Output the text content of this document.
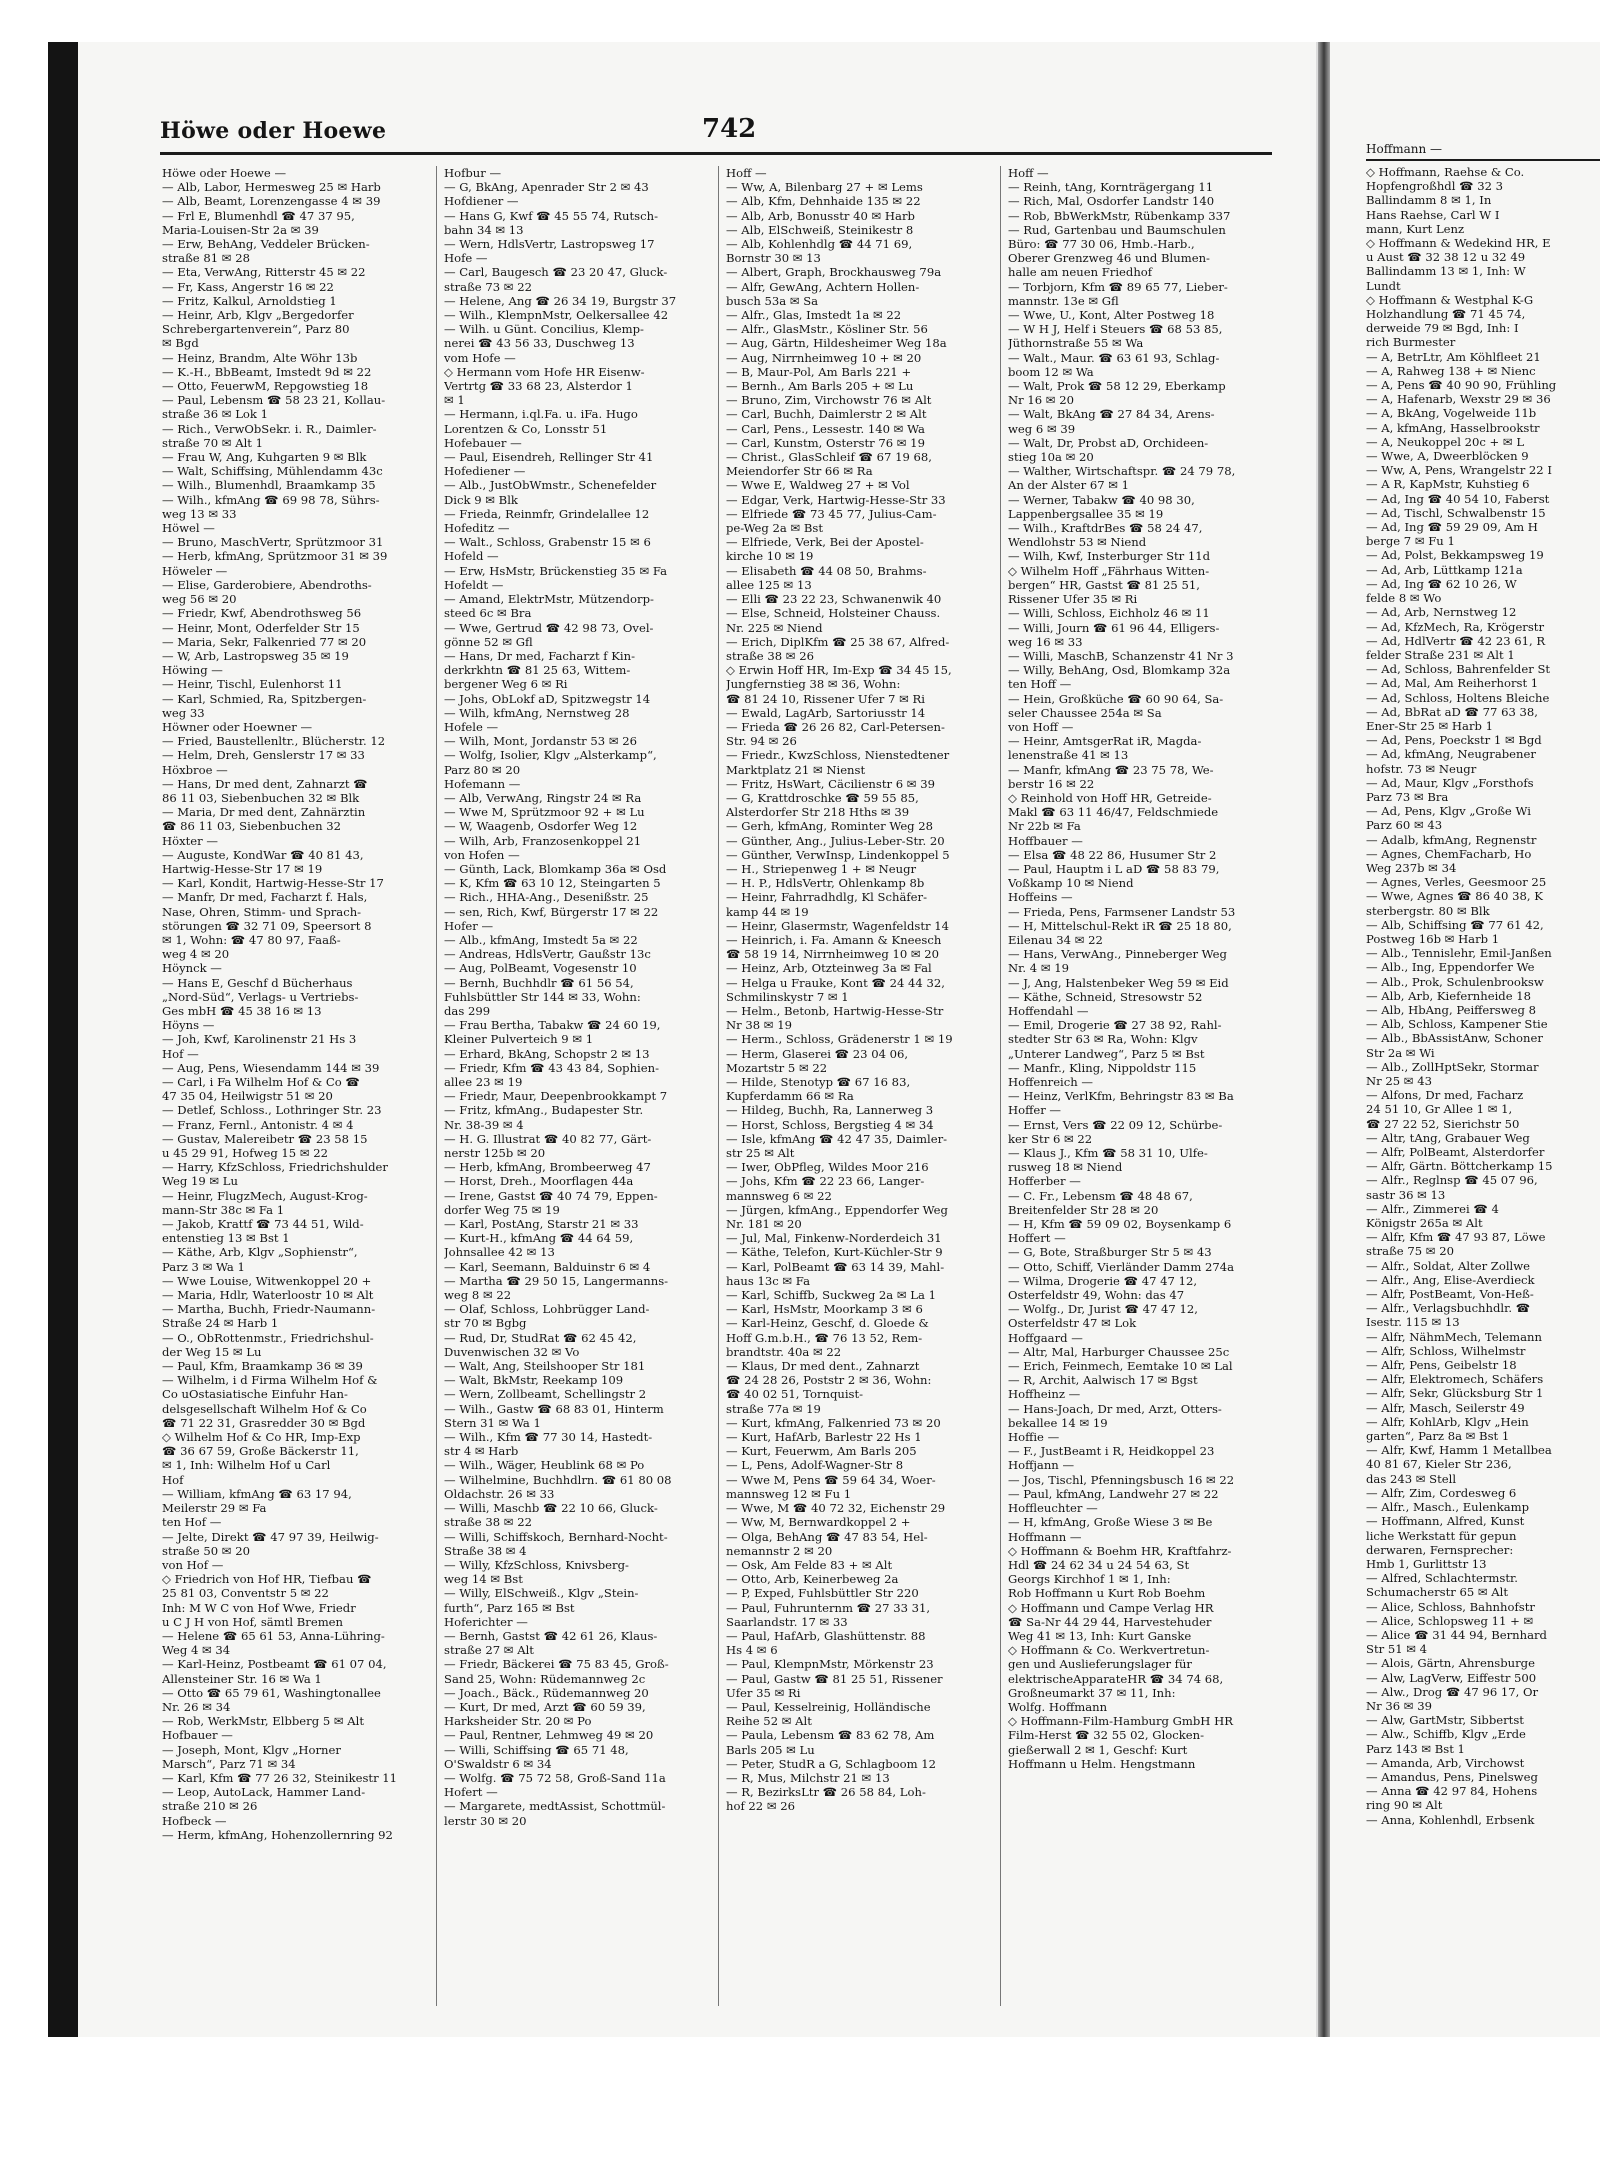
Höwe oder Hoewe	742
Höwe oder Hoewe —
— Alb, Labor, Hermesweg 25 ✉ Harb
— Alb, Beamt, Lorenzengasse 4 ✉ 39
— Frl E, Blumenhdl ☎ 47 37 95,
Maria-Louisen-Str 2a ✉ 39
— Erw, BehAng, Veddeler Brücken-
straße 81 ✉ 28
— Eta, VerwAng, Ritterstr 45 ✉ 22
— Fr, Kass, Angerstr 16 ✉ 22
— Fritz, Kalkul, Arnoldstieg 1
— Heinr, Arb, Klgv „Bergedorfer
Schrebergartenverein“, Parz 80
✉ Bgd
— Heinz, Brandm, Alte Wöhr 13b
— K.-H., BbBeamt, Imstedt 9d ✉ 22
— Otto, FeuerwM, Repgowstieg 18
— Paul, Lebensm ☎ 58 23 21, Kollau-
straße 36 ✉ Lok 1
— Rich., VerwObSekr. i. R., Daimler-
straße 70 ✉ Alt 1
— Frau W, Ang, Kuhgarten 9 ✉ Blk
— Walt, Schiffsing, Mühlendamm 43c
— Wilh., Blumenhdl, Braamkamp 35
— Wilh., kfmAng ☎ 69 98 78, Sührs-
weg 13 ✉ 33
Höwel —
— Bruno, MaschVertr, Sprützmoor 31
— Herb, kfmAng, Sprützmoor 31 ✉ 39
Höweler —
— Elise, Garderobiere, Abendroths-
weg 56 ✉ 20
— Friedr, Kwf, Abendrothsweg 56
— Heinr, Mont, Oderfelder Str 15
— Maria, Sekr, Falkenried 77 ✉ 20
— W, Arb, Lastropsweg 35 ✉ 19
Höwing —
— Heinr, Tischl, Eulenhorst 11
— Karl, Schmied, Ra, Spitzbergen-
weg 33
Höwner oder Hoewner —
— Fried, Baustellenltr., Blücherstr. 12
— Helm, Dreh, Genslerstr 17 ✉ 33
Höxbroe —
— Hans, Dr med dent, Zahnarzt ☎
86 11 03, Siebenbuchen 32 ✉ Blk
— Maria, Dr med dent, Zahnärztin
☎ 86 11 03, Siebenbuchen 32
Höxter —
— Auguste, KondWar ☎ 40 81 43,
Hartwig-Hesse-Str 17 ✉ 19
— Karl, Kondit, Hartwig-Hesse-Str 17
— Manfr, Dr med, Facharzt f. Hals,
Nase, Ohren, Stimm- und Sprach-
störungen ☎ 32 71 09, Speersort 8
✉ 1, Wohn: ☎ 47 80 97, Faaß-
weg 4 ✉ 20
Höynck —
— Hans E, Geschf d Bücherhaus
„Nord-Süd“, Verlags- u Vertriebs-
Ges mbH ☎ 45 38 16 ✉ 13
Höyns —
— Joh, Kwf, Karolinenstr 21 Hs 3
Hof —
— Aug, Pens, Wiesendamm 144 ✉ 39
— Carl, i Fa Wilhelm Hof & Co ☎
47 35 04, Heilwigstr 51 ✉ 20
— Detlef, Schloss., Lothringer Str. 23
— Franz, Fernl., Antonistr. 4 ✉ 4
— Gustav, Malereibetr ☎ 23 58 15
u 45 29 91, Hofweg 15 ✉ 22
— Harry, KfzSchloss, Friedrichshulder
Weg 19 ✉ Lu
— Heinr, FlugzMech, August-Krog-
mann-Str 38c ✉ Fa 1
— Jakob, Krattf ☎ 73 44 51, Wild-
entenstieg 13 ✉ Bst 1
— Käthe, Arb, Klgv „Sophienstr“,
Parz 3 ✉ Wa 1
— Wwe Louise, Witwenkoppel 20 +
— Maria, Hdlr, Waterloostr 10 ✉ Alt
— Martha, Buchh, Friedr-Naumann-
Straße 24 ✉ Harb 1
— O., ObRottenmstr., Friedrichshul-
der Weg 15 ✉ Lu
— Paul, Kfm, Braamkamp 36 ✉ 39
— Wilhelm, i d Firma Wilhelm Hof &
Co uOstasiatische Einfuhr Han-
delsgesellschaft Wilhelm Hof & Co
☎ 71 22 31, Grasredder 30 ✉ Bgd
◇ Wilhelm Hof & Co HR, Imp-Exp
☎ 36 67 59, Große Bäckerstr 11,
✉ 1, Inh: Wilhelm Hof u Carl
Hof
— William, kfmAng ☎ 63 17 94,
Meilerstr 29 ✉ Fa
ten Hof —
— Jelte, Direkt ☎ 47 97 39, Heilwig-
straße 50 ✉ 20
von Hof —
◇ Friedrich von Hof HR, Tiefbau ☎
25 81 03, Conventstr 5 ✉ 22
Inh: M W C von Hof Wwe, Friedr
u C J H von Hof, sämtl Bremen
— Helene ☎ 65 61 53, Anna-Lühring-
Weg 4 ✉ 34
— Karl-Heinz, Postbeamt ☎ 61 07 04,
Allensteiner Str. 16 ✉ Wa 1
— Otto ☎ 65 79 61, Washingtonallee
Nr. 26 ✉ 34
— Rob, WerkMstr, Elbberg 5 ✉ Alt
Hofbauer —
— Joseph, Mont, Klgv „Horner
Marsch“, Parz 71 ✉ 34
— Karl, Kfm ☎ 77 26 32, Steinikestr 11
— Leop, AutoLack, Hammer Land-
straße 210 ✉ 26
Hofbeck —
— Herm, kfmAng, Hohenzollernring 92
Hofbur —
— G, BkAng, Apenrader Str 2 ✉ 43
Hofdiener —
— Hans G, Kwf ☎ 45 55 74, Rutsch-
bahn 34 ✉ 13
— Wern, HdlsVertr, Lastropsweg 17
Hofe —
— Carl, Baugesch ☎ 23 20 47, Gluck-
straße 73 ✉ 22
— Helene, Ang ☎ 26 34 19, Burgstr 37
— Wilh., KlempnMstr, Oelkersallee 42
— Wilh. u Günt. Concilius, Klemp-
nerei ☎ 43 56 33, Duschweg 13
vom Hofe —
◇ Hermann vom Hofe HR Eisenw-
Vertrtg ☎ 33 68 23, Alsterdor 1
✉ 1
— Hermann, i.ql.Fa. u. iFa. Hugo
Lorentzen & Co, Lonsstr 51
Hofebauer —
— Paul, Eisendreh, Rellinger Str 41
Hofediener —
— Alb., JustObWmstr., Schenefelder
Dick 9 ✉ Blk
— Frieda, Reinmfr, Grindelallee 12
Hofeditz —
— Walt., Schloss, Grabenstr 15 ✉ 6
Hofeld —
— Erw, HsMstr, Brückenstieg 35 ✉ Fa
Hofeldt —
— Amand, ElektrMstr, Mützendorp-
steed 6c ✉ Bra
— Wwe, Gertrud ☎ 42 98 73, Ovel-
gönne 52 ✉ Gfl
— Hans, Dr med, Facharzt f Kin-
derkrkhtn ☎ 81 25 63, Wittem-
bergener Weg 6 ✉ Ri
— Johs, ObLokf aD, Spitzwegstr 14
— Wilh, kfmAng, Nernstweg 28
Hofele —
— Wilh, Mont, Jordanstr 53 ✉ 26
— Wolfg, Isolier, Klgv „Alsterkamp“,
Parz 80 ✉ 20
Hofemann —
— Alb, VerwAng, Ringstr 24 ✉ Ra
— Wwe M, Sprützmoor 92 + ✉ Lu
— W, Waagenb, Osdorfer Weg 12
— Wilh, Arb, Franzosenkoppel 21
von Hofen —
— Günth, Lack, Blomkamp 36a ✉ Osd
— K, Kfm ☎ 63 10 12, Steingarten 5
— Rich., HHA-Ang., Desenißstr. 25
— sen, Rich, Kwf, Bürgerstr 17 ✉ 22
Hofer —
— Alb., kfmAng, Imstedt 5a ✉ 22
— Andreas, HdlsVertr, Gaußstr 13c
— Aug, PolBeamt, Vogesenstr 10
— Bernh, Buchhdlr ☎ 61 56 54,
Fuhlsbüttler Str 144 ✉ 33, Wohn:
das 299
— Frau Bertha, Tabakw ☎ 24 60 19,
Kleiner Pulverteich 9 ✉ 1
— Erhard, BkAng, Schopstr 2 ✉ 13
— Friedr, Kfm ☎ 43 43 84, Sophien-
allee 23 ✉ 19
— Friedr, Maur, Deepenbrookkampt 7
— Fritz, kfmAng., Budapester Str.
Nr. 38-39 ✉ 4
— H. G. Illustrat ☎ 40 82 77, Gärt-
nerstr 125b ✉ 20
— Herb, kfmAng, Brombeerweg 47
— Horst, Dreh., Moorflagen 44a
— Irene, Gastst ☎ 40 74 79, Eppen-
dorfer Weg 75 ✉ 19
— Karl, PostAng, Starstr 21 ✉ 33
— Kurt-H., kfmAng ☎ 44 64 59,
Johnsallee 42 ✉ 13
— Karl, Seemann, Balduinstr 6 ✉ 4
— Martha ☎ 29 50 15, Langermanns-
weg 8 ✉ 22
— Olaf, Schloss, Lohbrügger Land-
str 70 ✉ Bgbg
— Rud, Dr, StudRat ☎ 62 45 42,
Duvenwischen 32 ✉ Vo
— Walt, Ang, Steilshooper Str 181
— Walt, BkMstr, Reekamp 109
— Wern, Zollbeamt, Schellingstr 2
— Wilh., Gastw ☎ 68 83 01, Hinterm
Stern 31 ✉ Wa 1
— Wilh., Kfm ☎ 77 30 14, Hastedt-
str 4 ✉ Harb
— Wilh., Wäger, Heublink 68 ✉ Po
— Wilhelmine, Buchhdlrn. ☎ 61 80 08
Oldachstr. 26 ✉ 33
— Willi, Maschb ☎ 22 10 66, Gluck-
straße 38 ✉ 22
— Willi, Schiffskoch, Bernhard-Nocht-
Straße 38 ✉ 4
— Willy, KfzSchloss, Knivsberg-
weg 14 ✉ Bst
— Willy, ElSchweiß., Klgv „Stein-
furth“, Parz 165 ✉ Bst
Hoferichter —
— Bernh, Gastst ☎ 42 61 26, Klaus-
straße 27 ✉ Alt
— Friedr, Bäckerei ☎ 75 83 45, Groß-
Sand 25, Wohn: Rüdemannweg 2c
— Joach., Bäck., Rüdemannweg 20
— Kurt, Dr med, Arzt ☎ 60 59 39,
Harksheider Str. 20 ✉ Po
— Paul, Rentner, Lehmweg 49 ✉ 20
— Willi, Schiffsing ☎ 65 71 48,
O'Swaldstr 6 ✉ 34
— Wolfg. ☎ 75 72 58, Groß-Sand 11a
Hofert —
— Margarete, medtAssist, Schottmül-
lerstr 30 ✉ 20
Hoff —
— Ww, A, Bilenbarg 27 + ✉ Lems
— Alb, Kfm, Dehnhaide 135 ✉ 22
— Alb, Arb, Bonusstr 40 ✉ Harb
— Alb, ElSchweiß, Steinikestr 8
— Alb, Kohlenhdlg ☎ 44 71 69,
Bornstr 30 ✉ 13
— Albert, Graph, Brockhausweg 79a
— Alfr, GewAng, Achtern Hollen-
busch 53a ✉ Sa
— Alfr., Glas, Imstedt 1a ✉ 22
— Alfr., GlasMstr., Kösliner Str. 56
— Aug, Gärtn, Hildesheimer Weg 18a
— Aug, Nirrnheimweg 10 + ✉ 20
— B, Maur-Pol, Am Barls 221 +
— Bernh., Am Barls 205 + ✉ Lu
— Bruno, Zim, Virchowstr 76 ✉ Alt
— Carl, Buchh, Daimlerstr 2 ✉ Alt
— Carl, Pens., Lessestr. 140 ✉ Wa
— Carl, Kunstm, Osterstr 76 ✉ 19
— Christ., GlasSchleif ☎ 67 19 68,
Meiendorfer Str 66 ✉ Ra
— Wwe E, Waldweg 27 + ✉ Vol
— Edgar, Verk, Hartwig-Hesse-Str 33
— Elfriede ☎ 73 45 77, Julius-Cam-
pe-Weg 2a ✉ Bst
— Elfriede, Verk, Bei der Apostel-
kirche 10 ✉ 19
— Elisabeth ☎ 44 08 50, Brahms-
allee 125 ✉ 13
— Elli ☎ 23 22 23, Schwanenwik 40
— Else, Schneid, Holsteiner Chauss.
Nr. 225 ✉ Niend
— Erich, DiplKfm ☎ 25 38 67, Alfred-
straße 38 ✉ 26
◇ Erwin Hoff HR, Im-Exp ☎ 34 45 15,
Jungfernstieg 38 ✉ 36, Wohn:
☎ 81 24 10, Rissener Ufer 7 ✉ Ri
— Ewald, LagArb, Sartoriusstr 14
— Frieda ☎ 26 26 82, Carl-Petersen-
Str. 94 ✉ 26
— Friedr., KwzSchloss, Nienstedtener
Marktplatz 21 ✉ Nienst
— Fritz, HsWart, Cäcilienstr 6 ✉ 39
— G, Krattdroschke ☎ 59 55 85,
Alsterdorfer Str 218 Hths ✉ 39
— Gerh, kfmAng, Rominter Weg 28
— Günther, Ang., Julius-Leber-Str. 20
— Günther, VerwInsp, Lindenkoppel 5
— H., Striepenweg 1 + ✉ Neugr
— H. P., HdlsVertr, Ohlenkamp 8b
— Heinr, Fahrradhdlg, Kl Schäfer-
kamp 44 ✉ 19
— Heinr, Glasermstr, Wagenfeldstr 14
— Heinrich, i. Fa. Amann & Kneesch
☎ 58 19 14, Nirrnheimweg 10 ✉ 20
— Heinz, Arb, Otzteinweg 3a ✉ Fal
— Helga u Frauke, Kont ☎ 24 44 32,
Schmilinskystr 7 ✉ 1
— Helm., Betonb, Hartwig-Hesse-Str
Nr 38 ✉ 19
— Herm., Schloss, Grädenerstr 1 ✉ 19
— Herm, Glaserei ☎ 23 04 06,
Mozartstr 5 ✉ 22
— Hilde, Stenotyp ☎ 67 16 83,
Kupferdamm 66 ✉ Ra
— Hildeg, Buchh, Ra, Lannerweg 3
— Horst, Schloss, Bergstieg 4 ✉ 34
— Isle, kfmAng ☎ 42 47 35, Daimler-
str 25 ✉ Alt
— Iwer, ObPfleg, Wildes Moor 216
— Johs, Kfm ☎ 22 23 66, Langer-
mannsweg 6 ✉ 22
— Jürgen, kfmAng., Eppendorfer Weg
Nr. 181 ✉ 20
— Jul, Mal, Finkenw-Norderdeich 31
— Käthe, Telefon, Kurt-Küchler-Str 9
— Karl, PolBeamt ☎ 63 14 39, Mahl-
haus 13c ✉ Fa
— Karl, Schiffb, Suckweg 2a ✉ La 1
— Karl, HsMstr, Moorkamp 3 ✉ 6
— Karl-Heinz, Geschf, d. Gloede &
Hoff G.m.b.H., ☎ 76 13 52, Rem-
brandtstr. 40a ✉ 22
— Klaus, Dr med dent., Zahnarzt
☎ 24 28 26, Poststr 2 ✉ 36, Wohn:
☎ 40 02 51, Tornquist-
straße 77a ✉ 19
— Kurt, kfmAng, Falkenried 73 ✉ 20
— Kurt, HafArb, Barlestr 22 Hs 1
— Kurt, Feuerwm, Am Barls 205
— L, Pens, Adolf-Wagner-Str 8
— Wwe M, Pens ☎ 59 64 34, Woer-
mannsweg 12 ✉ Fu 1
— Wwe, M ☎ 40 72 32, Eichenstr 29
— Ww, M, Bernwardkoppel 2 +
— Olga, BehAng ☎ 47 83 54, Hel-
nemannstr 2 ✉ 20
— Osk, Am Felde 83 + ✉ Alt
— Otto, Arb, Keinerbeweg 2a
— P, Exped, Fuhlsbüttler Str 220
— Paul, Fuhrunternm ☎ 27 33 31,
Saarlandstr. 17 ✉ 33
— Paul, HafArb, Glashüttenstr. 88
Hs 4 ✉ 6
— Paul, KlempnMstr, Mörkenstr 23
— Paul, Gastw ☎ 81 25 51, Rissener
Ufer 35 ✉ Ri
— Paul, Kesselreinig, Holländische
Reihe 52 ✉ Alt
— Paula, Lebensm ☎ 83 62 78, Am
Barls 205 ✉ Lu
— Peter, StudR a G, Schlagboom 12
— R, Mus, Milchstr 21 ✉ 13
— R, BezirksLtr ☎ 26 58 84, Loh-
hof 22 ✉ 26
Hoff —
— Reinh, tAng, Kornträgergang 11
— Rich, Mal, Osdorfer Landstr 140
— Rob, BbWerkMstr, Rübenkamp 337
— Rud, Gartenbau und Baumschulen
Büro: ☎ 77 30 06, Hmb.-Harb.,
Oberer Grenzweg 46 und Blumen-
halle am neuen Friedhof
— Torbjorn, Kfm ☎ 89 65 77, Lieber-
mannstr. 13e ✉ Gfl
— Wwe, U., Kont, Alter Postweg 18
— W H J, Helf i Steuers ☎ 68 53 85,
Jüthornstraße 55 ✉ Wa
— Walt., Maur. ☎ 63 61 93, Schlag-
boom 12 ✉ Wa
— Walt, Prok ☎ 58 12 29, Eberkamp
Nr 16 ✉ 20
— Walt, BkAng ☎ 27 84 34, Arens-
weg 6 ✉ 39
— Walt, Dr, Probst aD, Orchideen-
stieg 10a ✉ 20
— Walther, Wirtschaftspr. ☎ 24 79 78,
An der Alster 67 ✉ 1
— Werner, Tabakw ☎ 40 98 30,
Lappenbergsallee 35 ✉ 19
— Wilh., KraftdrBes ☎ 58 24 47,
Wendlohstr 53 ✉ Niend
— Wilh, Kwf, Insterburger Str 11d
◇ Wilhelm Hoff „Fährhaus Witten-
bergen“ HR, Gastst ☎ 81 25 51,
Rissener Ufer 35 ✉ Ri
— Willi, Schloss, Eichholz 46 ✉ 11
— Willi, Journ ☎ 61 96 44, Elligers-
weg 16 ✉ 33
— Willi, MaschB, Schanzenstr 41 Nr 3
— Willy, BehAng, Osd, Blomkamp 32a
ten Hoff —
— Hein, Großküche ☎ 60 90 64, Sa-
seler Chaussee 254a ✉ Sa
von Hoff —
— Heinr, AmtsgerRat iR, Magda-
lenenstraße 41 ✉ 13
— Manfr, kfmAng ☎ 23 75 78, We-
berstr 16 ✉ 22
◇ Reinhold von Hoff HR, Getreide-
Makl ☎ 63 11 46/47, Feldschmiede
Nr 22b ✉ Fa
Hoffbauer —
— Elsa ☎ 48 22 86, Husumer Str 2
— Paul, Hauptm i L aD ☎ 58 83 79,
Voßkamp 10 ✉ Niend
Hoffeins —
— Frieda, Pens, Farmsener Landstr 53
— H, Mittelschul-Rekt iR ☎ 25 18 80,
Eilenau 34 ✉ 22
— Hans, VerwAng., Pinneberger Weg
Nr. 4 ✉ 19
— J, Ang, Halstenbeker Weg 59 ✉ Eid
— Käthe, Schneid, Stresowstr 52
Hoffendahl —
— Emil, Drogerie ☎ 27 38 92, Rahl-
stedter Str 63 ✉ Ra, Wohn: Klgv
„Unterer Landweg“, Parz 5 ✉ Bst
— Manfr., Kling, Nippoldstr 115
Hoffenreich —
— Heinz, VerlKfm, Behringstr 83 ✉ Ba
Hoffer —
— Ernst, Vers ☎ 22 09 12, Schürbe-
ker Str 6 ✉ 22
— Klaus J., Kfm ☎ 58 31 10, Ulfe-
rusweg 18 ✉ Niend
Hofferber —
— C. Fr., Lebensm ☎ 48 48 67,
Breitenfelder Str 28 ✉ 20
— H, Kfm ☎ 59 09 02, Boysenkamp 6
Hoffert —
— G, Bote, Straßburger Str 5 ✉ 43
— Otto, Schiff, Vierländer Damm 274a
— Wilma, Drogerie ☎ 47 47 12,
Osterfeldstr 49, Wohn: das 47
— Wolfg., Dr, Jurist ☎ 47 47 12,
Osterfeldstr 47 ✉ Lok
Hoffgaard —
— Altr, Mal, Harburger Chaussee 25c
— Erich, Feinmech, Eemtake 10 ✉ Lal
— R, Archit, Aalwisch 17 ✉ Bgst
Hoffheinz —
— Hans-Joach, Dr med, Arzt, Otters-
bekallee 14 ✉ 19
Hoffie —
— F., JustBeamt i R, Heidkoppel 23
Hoffjann —
— Jos, Tischl, Pfenningsbusch 16 ✉ 22
— Paul, kfmAng, Landwehr 27 ✉ 22
Hoffleuchter —
— H, kfmAng, Große Wiese 3 ✉ Be
Hoffmann —
◇ Hoffmann & Boehm HR, Kraftfahrz-
Hdl ☎ 24 62 34 u 24 54 63, St
Georgs Kirchhof 1 ✉ 1, Inh:
Rob Hoffmann u Kurt Rob Boehm
◇ Hoffmann und Campe Verlag HR
☎ Sa-Nr 44 29 44, Harvestehuder
Weg 41 ✉ 13, Inh: Kurt Ganske
◇ Hoffmann & Co. Werkvertretun-
gen und Auslieferungslager für
elektrischeApparateHR ☎ 34 74 68,
Großneumarkt 37 ✉ 11, Inh:
Wolfg. Hoffmann
◇ Hoffmann-Film-Hamburg GmbH HR
Film-Herst ☎ 32 55 02, Glocken-
gießerwall 2 ✉ 1, Geschf: Kurt
Hoffmann u Helm. Hengstmann
Hoffmann —
◇ Hoffmann, Raehse & Co.
Hopfengroßhdl ☎ 32 3
Ballindamm 8 ✉ 1, In
Hans Raehse, Carl W I
mann, Kurt Lenz
◇ Hoffmann & Wedekind HR, E
u Aust ☎ 32 38 12 u 32 49
Ballindamm 13 ✉ 1, Inh: W
Lundt
◇ Hoffmann & Westphal K-G
Holzhandlung ☎ 71 45 74,
derweide 79 ✉ Bgd, Inh: I
rich Burmester
— A, BetrLtr, Am Köhlfleet 21
— A, Rahweg 138 + ✉ Nienc
— A, Pens ☎ 40 90 90, Frühling
— A, Hafenarb, Wexstr 29 ✉ 36
— A, BkAng, Vogelweide 11b
— A, kfmAng, Hasselbrookstr
— A, Neukoppel 20c + ✉ L
— Wwe, A, Dweerblöcken 9
— Ww, A, Pens, Wrangelstr 22 I
— A R, KapMstr, Kuhstieg 6
— Ad, Ing ☎ 40 54 10, Faberst
— Ad, Tischl, Schwalbenstr 15
— Ad, Ing ☎ 59 29 09, Am H
berge 7 ✉ Fu 1
— Ad, Polst, Bekkampsweg 19
— Ad, Arb, Lüttkamp 121a
— Ad, Ing ☎ 62 10 26, W
felde 8 ✉ Wo
— Ad, Arb, Nernstweg 12
— Ad, KfzMech, Ra, Krögerstr
— Ad, HdlVertr ☎ 42 23 61, R
felder Straße 231 ✉ Alt 1
— Ad, Schloss, Bahrenfelder St
— Ad, Mal, Am Reiherhorst 1
— Ad, Schloss, Holtens Bleiche
— Ad, BbRat aD ☎ 77 63 38,
Ener-Str 25 ✉ Harb 1
— Ad, Pens, Poeckstr 1 ✉ Bgd
— Ad, kfmAng, Neugrabener
hofstr. 73 ✉ Neugr
— Ad, Maur, Klgv „Forsthofs
Parz 73 ✉ Bra
— Ad, Pens, Klgv „Große Wi
Parz 60 ✉ 43
— Adalb, kfmAng, Regnenstr
— Agnes, ChemFacharb, Ho
Weg 237b ✉ 34
— Agnes, Verles, Geesmoor 25
— Wwe, Agnes ☎ 86 40 38, K
sterbergstr. 80 ✉ Blk
— Alb, Schiffsing ☎ 77 61 42,
Postweg 16b ✉ Harb 1
— Alb., Tennislehr, Emil-Janßen
— Alb., Ing, Eppendorfer We
— Alb., Prok, Schulenbrooksw
— Alb, Arb, Kiefernheide 18
— Alb, HbAng, Peiffersweg 8
— Alb, Schloss, Kampener Stie
— Alb., BbAssistAnw, Schoner
Str 2a ✉ Wi
— Alb., ZollHptSekr, Stormar
Nr 25 ✉ 43
— Alfons, Dr med, Facharz
24 51 10, Gr Allee 1 ✉ 1,
☎ 27 22 52, Sierichstr 50
— Altr, tAng, Grabauer Weg
— Alfr, PolBeamt, Alsterdorfer
— Alfr, Gärtn. Böttcherkamp 15
— Alfr., Reglnsp ☎ 45 07 96,
sastr 36 ✉ 13
— Alfr., Zimmerei ☎ 4
Königstr 265a ✉ Alt
— Alfr, Kfm ☎ 47 93 87, Löwe
straße 75 ✉ 20
— Alfr., Soldat, Alter Zollwe
— Alfr., Ang, Elise-Averdieck
— Alfr, PostBeamt, Von-Heß-
— Alfr., Verlagsbuchhdlr. ☎
Isestr. 115 ✉ 13
— Alfr, NähmMech, Telemann
— Alfr, Schloss, Wilhelmstr
— Alfr, Pens, Geibelstr 18
— Alfr, Elektromech, Schäfers
— Alfr, Sekr, Glücksburg Str 1
— Alfr, Masch, Seilerstr 49
— Alfr, KohlArb, Klgv „Hein
garten“, Parz 8a ✉ Bst 1
— Alfr, Kwf, Hamm 1 Metallbea
40 81 67, Kieler Str 236,
das 243 ✉ Stell
— Alfr, Zim, Cordesweg 6
— Alfr., Masch., Eulenkamp
— Hoffmann, Alfred, Kunst
liche Werkstatt für gepun
derwaren, Fernsprecher:
Hmb 1, Gurlittstr 13
— Alfred, Schlachtermstr.
Schumacherstr 65 ✉ Alt
— Alice, Schloss, Bahnhofstr
— Alice, Schlopsweg 11 + ✉
— Alice ☎ 31 44 94, Bernhard
Str 51 ✉ 4
— Alois, Gärtn, Ahrensburge
— Alw, LagVerw, Eiffestr 500
— Alw., Drog ☎ 47 96 17, Or
Nr 36 ✉ 39
— Alw, GartMstr, Sibbertst
— Alw., Schiffb, Klgv „Erde
Parz 143 ✉ Bst 1
— Amanda, Arb, Virchowst
— Amandus, Pens, Pinelsweg
— Anna ☎ 42 97 84, Hohens
ring 90 ✉ Alt
— Anna, Kohlenhdl, Erbsenk
